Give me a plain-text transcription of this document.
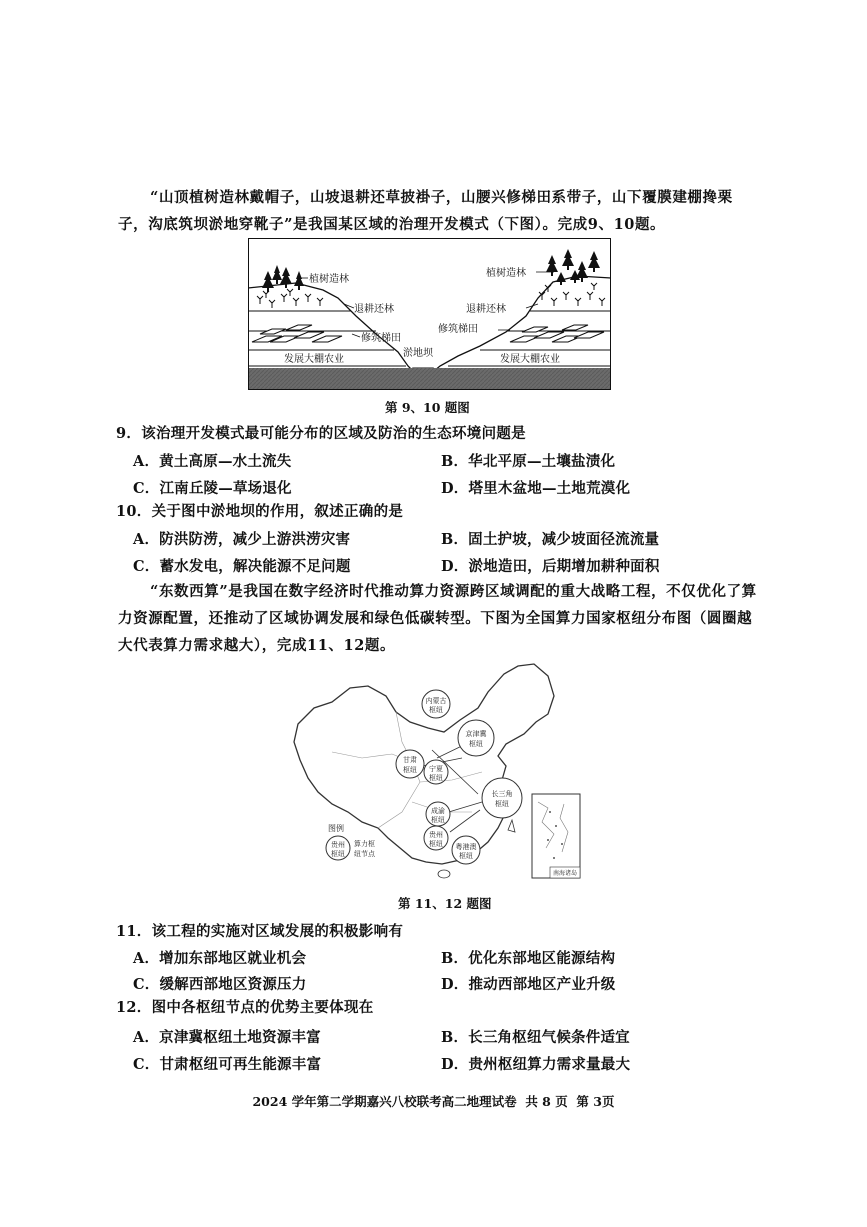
“山顶植树造林戴帽子，山坡退耕还草披褂子，山腰兴修梯田系带子，山下覆膜建棚搀栗子，沟底筑坝淤地穿靴子”是我国某区域的治理开发模式（下图）。完成9、10题。
植树造林
退耕还林
修筑梯田
发展大棚农业
淤地坝
植树造林
退耕还林
修筑梯田
发展大棚农业
第 9、10 题图
9．该治理开发模式最可能分布的区域及防治的生态环境问题是
A．黄土高原—水土流失	B．华北平原—土壤盐渍化
C．江南丘陵—草场退化	D．塔里木盆地—土地荒漠化
10．关于图中淤地坝的作用，叙述正确的是
A．防洪防涝，减少上游洪涝灾害	B．固土护坡，减少坡面径流流量
C．蓄水发电，解决能源不足问题	D．淤地造田，后期增加耕种面积
“东数西算”是我国在数字经济时代推动算力资源跨区域调配的重大战略工程，不仅优化了算力资源配置，还推动了区域协调发展和绿色低碳转型。下图为全国算力国家枢纽分布图（圆圈越大代表算力需求越大），完成11、12题。
内蒙古
枢纽
京津冀
枢纽
甘肃
枢纽 宁夏
枢纽
长三角
枢纽
成渝
枢纽
贵州
枢纽 粤港澳
枢纽
图例
贵州
枢纽
算力枢
纽节点
南海诸岛
第 11、12 题图
11．该工程的实施对区域发展的积极影响有
A．增加东部地区就业机会	B．优化东部地区能源结构
C．缓解西部地区资源压力	D．推动西部地区产业升级
12．图中各枢纽节点的优势主要体现在
A．京津冀枢纽土地资源丰富	B．长三角枢纽气候条件适宜
C．甘肃枢纽可再生能源丰富	D．贵州枢纽算力需求量最大
2024 学年第二学期嘉兴八校联考高二地理试卷  共 8 页  第 3页
